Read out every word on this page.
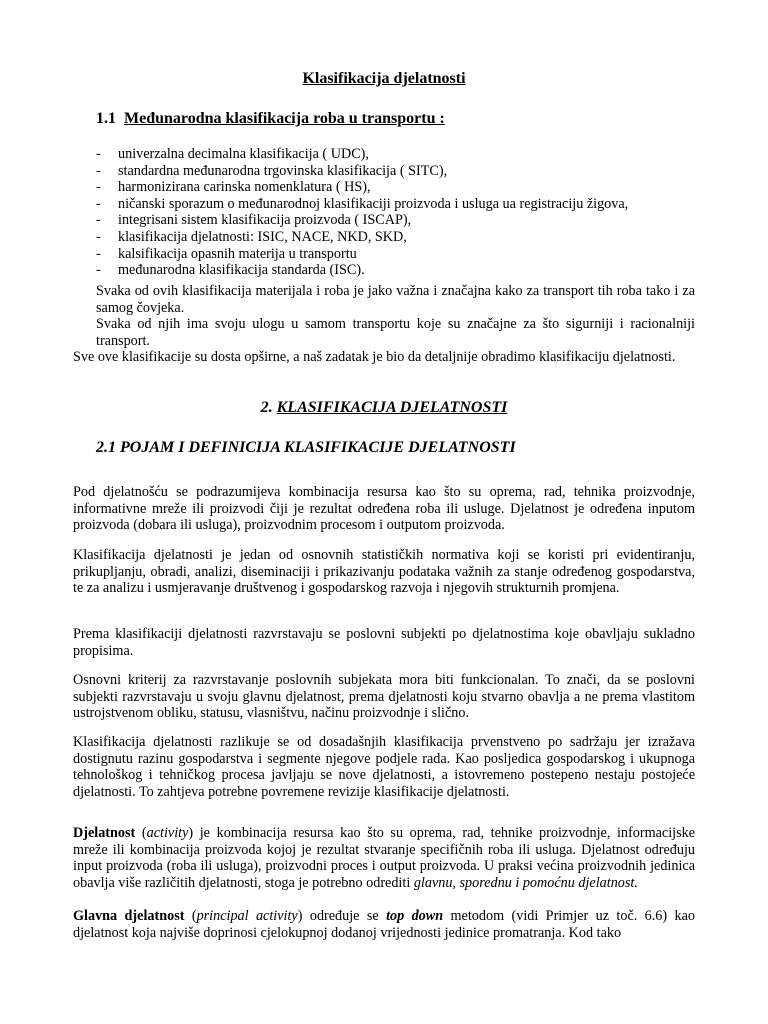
Klasifikacija djelatnosti

1.1 Međunarodna klasifikacija roba u transportu :

- univerzalna decimalna klasifikacija ( UDC),
- standardna međunarodna trgovinska klasifikacija ( SITC),
- harmonizirana carinska nomenklatura ( HS),
- ničanski sporazum o međunarodnoj klasifikaciji proizvoda i usluga ua registraciju žigova,
- integrisani sistem klasifikacija proizvoda ( ISCAP),
- klasifikacija djelatnosti: ISIC, NACE, NKD, SKD,
- kalsifikacija opasnih materija u transportu
- međunarodna klasifikacija standarda (ISC).

Svaka od ovih klasifikacija materijala i roba je jako važna i značajna kako za transport tih roba tako i za samog čovjeka.

Svaka od njih ima svoju ulogu u samom transportu koje su značajne za što sigurniji i racionalniji transport.

Sve ove klasifikacije su dosta opširne, a naš zadatak je bio da detaljnije obradimo klasifikaciju djelatnosti.

2. KLASIFIKACIJA DJELATNOSTI

2.1 POJAM I DEFINICIJA KLASIFIKACIJE DJELATNOSTI

Pod djelatnošću se podrazumijeva kombinacija resursa kao što su oprema, rad, tehnika proizvodnje, informativne mreže ili proizvodi čiji je rezultat određena roba ili usluge. Djelatnost je određena inputom proizvoda (dobara ili usluga), proizvodnim procesom i outputom proizvoda.

Klasifikacija djelatnosti je jedan od osnovnih statističkih normativa koji se koristi pri evidentiranju, prikupljanju, obradi, analizi, diseminaciji i prikazivanju podataka važnih za stanje određenog gospodarstva, te za analizu i usmjeravanje društvenog i gospodarskog razvoja i njegovih strukturnih promjena.

Prema klasifikaciji djelatnosti razvrstavaju se poslovni subjekti po djelatnostima koje obavljaju sukladno propisima.

Osnovni kriterij za razvrstavanje poslovnih subjekata mora biti funkcionalan. To znači, da se poslovni subjekti razvrstavaju u svoju glavnu djelatnost, prema djelatnosti koju stvarno obavlja a ne prema vlastitom ustrojstvenom obliku, statusu, vlasništvu, načinu proizvodnje i slično.

Klasifikacija djelatnosti razlikuje se od dosadašnjih klasifikacija prvenstveno po sadržaju jer izražava dostignutu razinu gospodarstva i segmente njegove podjele rada. Kao posljedica gospodarskog i ukupnoga tehnološkog i tehničkog procesa javljaju se nove djelatnosti, a istovremeno postepeno nestaju postojeće djelatnosti. To zahtjeva potrebne povremene revizije klasifikacije djelatnosti.

Djelatnost (activity) je kombinacija resursa kao što su oprema, rad, tehnike proizvodnje, informacijske mreže ili kombinacija proizvoda kojoj je rezultat stvaranje specifičnih roba ili usluga. Djelatnost određuju input proizvoda (roba ili usluga), proizvodni proces i output proizvoda. U praksi većina proizvodnih jedinica obavlja više različitih djelatnosti, stoga je potrebno odrediti glavnu, sporednu i pomoćnu djelatnost.

Glavna djelatnost (principal activity) određuje se top down metodom (vidi Primjer uz toč. 6.6) kao djelatnost koja najviše doprinosi cjelokupnoj dodanoj vrijednosti jedinice promatranja. Kod tako
